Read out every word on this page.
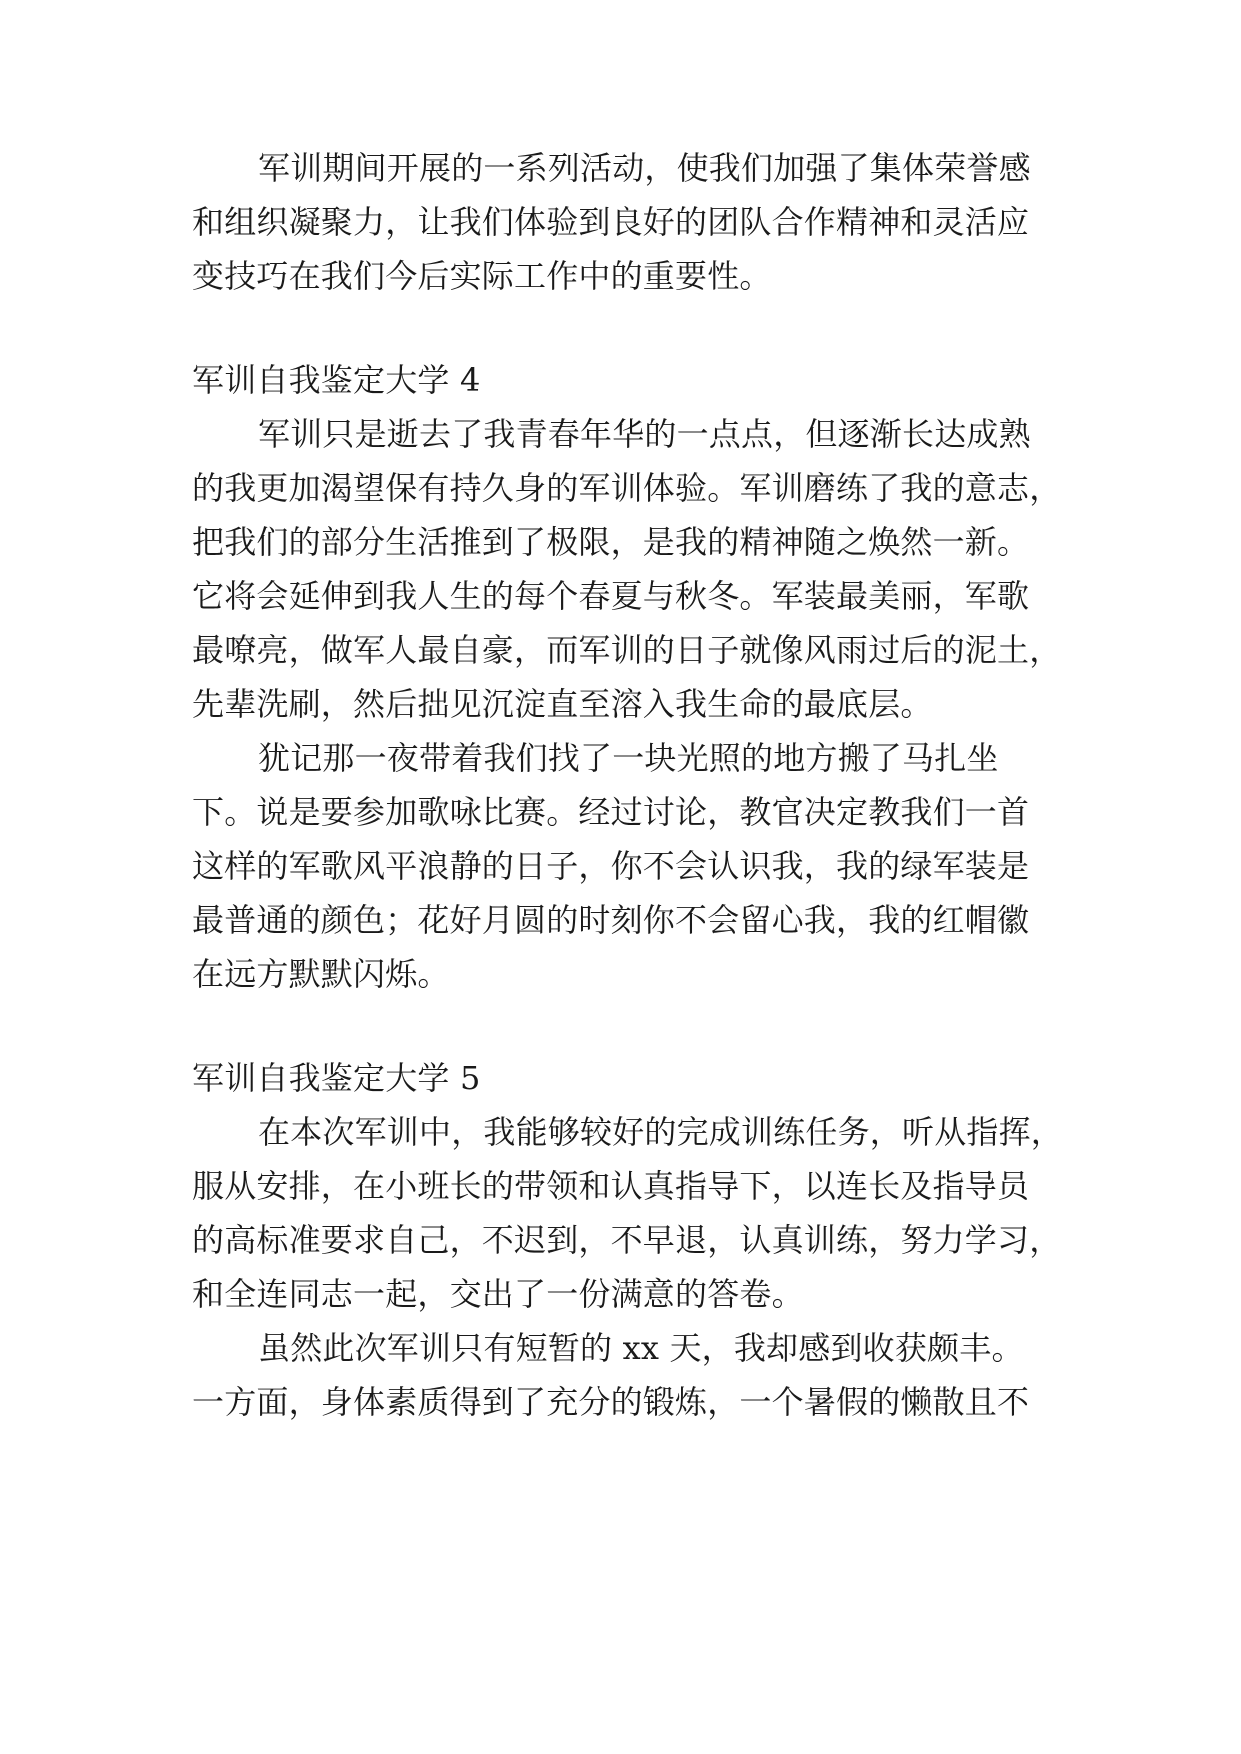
军训期间开展的一系列活动，使我们加强了集体荣誉感
和组织凝聚力，让我们体验到良好的团队合作精神和灵活应
变技巧在我们今后实际工作中的重要性。
军训自我鉴定大学 4
军训只是逝去了我青春年华的一点点，但逐渐长达成熟
的我更加渴望保有持久身的军训体验。军训磨练了我的意志，
把我们的部分生活推到了极限，是我的精神随之焕然一新。
它将会延伸到我人生的每个春夏与秋冬。军装最美丽，军歌
最嘹亮，做军人最自豪，而军训的日子就像风雨过后的泥土，
先辈洗刷，然后拙见沉淀直至溶入我生命的最底层。
犹记那一夜带着我们找了一块光照的地方搬了马扎坐
下。说是要参加歌咏比赛。经过讨论，教官决定教我们一首
这样的军歌风平浪静的日子，你不会认识我，我的绿军装是
最普通的颜色；花好月圆的时刻你不会留心我，我的红帽徽
在远方默默闪烁。
军训自我鉴定大学 5
在本次军训中，我能够较好的完成训练任务，听从指挥，
服从安排，在小班长的带领和认真指导下，以连长及指导员
的高标准要求自己，不迟到，不早退，认真训练，努力学习，
和全连同志一起，交出了一份满意的答卷。
虽然此次军训只有短暂的 xx 天，我却感到收获颇丰。
一方面，身体素质得到了充分的锻炼，一个暑假的懒散且不
